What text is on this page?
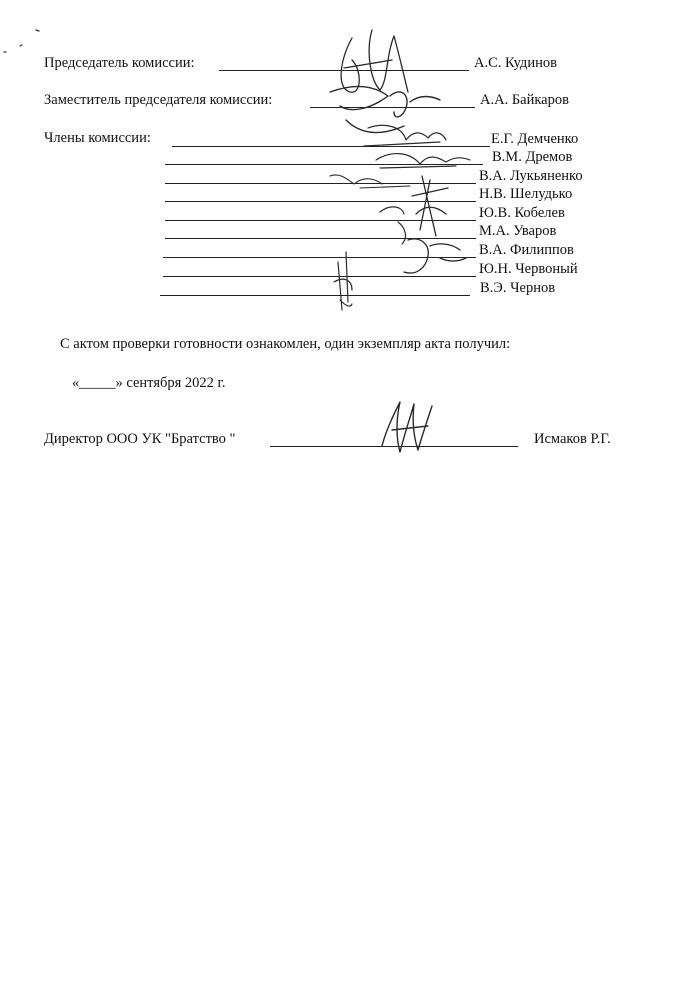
Председатель комиссии:	А.С. Кудинов
Заместитель председателя комиссии:	А.А. Байкаров
Члены комиссии:	Е.Г. Демченко
В.М. Дремов
В.А. Лукьяненко
Н.В. Шелудько
Ю.В. Кобелев
М.А. Уваров
В.А. Филиппов
Ю.Н. Червоный
В.Э. Чернов
С актом проверки готовности ознакомлен, один экземпляр акта получил:
«_____» сентября 2022 г.
Директор ООО УК "Братство "	Исмаков Р.Г.
